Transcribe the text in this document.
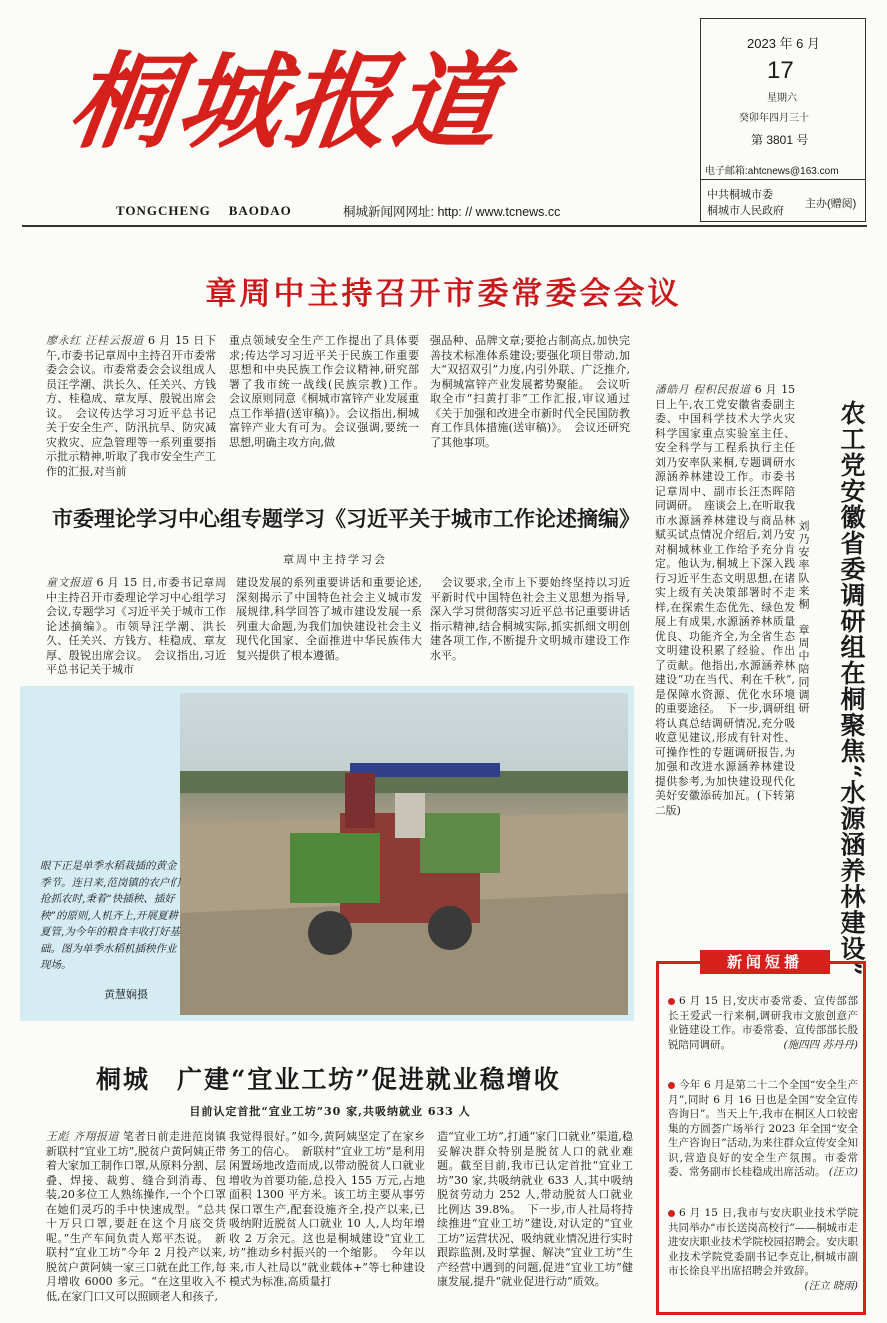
桐城报道
TONGCHENG BAODAO	桐城新闻网网址: http: // www.tcnews.cc
2023 年 6 月
17
星期六
癸卯年四月三十
第 3801 号
电子邮箱:ahtcnews@163.com
中共桐城市委
桐城市人民政府
主办(赠阅)
章周中主持召开市委常委会会议
廖永红 汪桂云报道 6 月 15 日下午,市委书记章周中主持召开市委常委会会议。市委常委会会议组成人员汪学潮、洪长久、任关兴、方钱方、桂稳成、章友厚、殷锐出席会议。　会议传达学习习近平总书记关于安全生产、防汛抗旱、防灾减灾救灾、应急管理等一系列重要指示批示精神,听取了我市安全生产工作的汇报,对当前
重点领域安全生产工作提出了具体要求;传达学习习近平关于民族工作重要思想和中央民族工作会议精神,研究部署了我市统一战线(民族宗教)工作。　会议原则同意《桐城市富锌产业发展重点工作举措(送审稿)》。会议指出,桐城富锌产业大有可为。会议强调,要统一思想,明确主攻方向,做
强品种、品牌文章;要抢占制高点,加快完善技术标准体系建设;要强化项目带动,加大“双招双引”力度,内引外联、广泛推介,为桐城富锌产业发展蓄势聚能。　会议听取全市“扫黄打非”工作汇报,审议通过《关于加强和改进全市新时代全民国防教育工作具体措施(送审稿)》。　会议还研究了其他事项。
市委理论学习中心组专题学习《习近平关于城市工作论述摘编》
章周中主持学习会
童文报道 6 月 15 日,市委书记章周中主持召开市委理论学习中心组学习会议,专题学习《习近平关于城市工作论述摘编》。市领导汪学潮、洪长久、任关兴、方钱方、桂稳成、章友厚、殷锐出席会议。　会议指出,习近平总书记关于城市
建设发展的系列重要讲话和重要论述,深刻揭示了中国特色社会主义城市发展规律,科学回答了城市建设发展一系列重大命题,为我们加快建设社会主义现代化国家、全面推进中华民族伟大复兴提供了根本遵循。
　会议要求,全市上下要始终坚持以习近平新时代中国特色社会主义思想为指导,深入学习贯彻落实习近平总书记重要讲话指示精神,结合桐城实际,抓实抓细文明创建各项工作,不断提升文明城市建设工作水平。
眼下正是单季水稻栽插的黄金季节。连日来,范岗镇的农户们抢抓农时,秉着“快插秧、插好秧”的原则,人机齐上,开展夏耕夏管,为今年的粮食丰收打好基础。图为单季水稻机插秧作业现场。
黄慧娴摄
农工党安徽省委调研组在桐聚焦“水源涵养林建设”
刘乃安率队来桐　章周中陪同调研
潘皓月 程积民报道 6 月 15 日上午,农工党安徽省委副主委、中国科学技术大学火灾科学国家重点实验室主任、安全科学与工程系执行主任刘乃安率队来桐,专题调研水源涵养林建设工作。市委书记章周中、副市长汪杰晖陪同调研。　座谈会上,在听取我市水源涵养林建设与商品林赋买试点情况介绍后,刘乃安对桐城林业工作给予充分肯定。他认为,桐城上下深入践行习近平生态文明思想,在诸实上级有关决策部署时不走样,在探索生态优先、绿色发展上有成果,水源涵养林质量优良、功能齐全,为全省生态文明建设积累了经验、作出了贡献。他指出,水源涵养林建设“功在当代、利在千秋”,是保障水资源、优化水环境的重要途径。　下一步,调研组将认真总结调研情况,充分吸收意见建议,形成有针对性、可操作性的专题调研报告,为加强和改进水源涵养林建设提供参考,为加快建设现代化美好安徽添砖加瓦。(下转第二版)
桐城　广建“宜业工坊”促进就业稳增收
目前认定首批“宜业工坊”30 家,共吸纳就业 633 人
王彪 齐翔报道 笔者日前走进范岗镇新联村“宜业工坊”,脱贫户黄阿姨正带着大家加工制作口罩,从原料分割、层叠、焊接、裁剪、缝合到消毒、包装,20多位工人熟练操作,一个个口罩在她们灵巧的手中快速成型。“总共十万只口罩,要赶在这个月底交货呢。”生产车间负责人郑平杰说。　新联村“宜业工坊”今年 2 月投产以来,脱贫户黄阿姨一家三口就在此工作,每月增收 6000 多元。“在这里收入不低,在家门口又可以照顾老人和孩子,
我觉得很好。”如今,黄阿姨坚定了在家乡务工的信心。　新联村“宜业工坊”是利用闲置场地改造而成,以带动脱贫人口就业增收为首要功能,总投入 155 万元,占地面积 1300 平方米。该工坊主要从事劳保口罩生产,配套设施齐全,投产以来,已吸纳附近脱贫人口就业 10 人,人均年增收 2 万余元。这也是桐城建设“宜业工坊”推动乡村振兴的一个缩影。　今年以来,市人社局以“就业载体+”等七种建设模式为标准,高质量打
造“宜业工坊”,打通“家门口就业”渠道,稳妥解决群众特别是脱贫人口的就业难题。截至目前,我市已认定首批“宜业工坊”30 家,共吸纳就业 633 人,其中吸纳脱贫劳动力 252 人,带动脱贫人口就业比例达 39.8%。　下一步,市人社局将持续推进“宜业工坊”建设,对认定的“宜业工坊”运营状况、吸纳就业情况进行实时跟踪监测,及时掌握、解决“宜业工坊”生产经营中遇到的问题,促进“宜业工坊”健康发展,提升“就业促进行动”质效。
新闻短播
6 月 15 日,安庆市委常委、宣传部部长王爱武一行来桐,调研我市文旅创意产业链建设工作。市委常委、宣传部部长殷锐陪同调研。	(施四四 苏丹丹)
今年 6 月是第二十二个全国“安全生产月”,同时 6 月 16 日也是全国“安全宣传咨询日”。当天上午,我市在桐区人口较密集的方圆荟广场举行 2023 年全国“安全生产咨询日”活动,为来往群众宣传安全知识,营造良好的安全生产氛围。市委常委、常务副市长桂稳成出席活动。 (汪立)
6 月 15 日,我市与安庆职业技术学院共同举办“市长送岗高校行”——桐城市走进安庆职业技术学院校园招聘会。安庆职业技术学院党委副书记李克让,桐城市副市长徐良平出席招聘会并致辞。
(汪立 晓雨)
